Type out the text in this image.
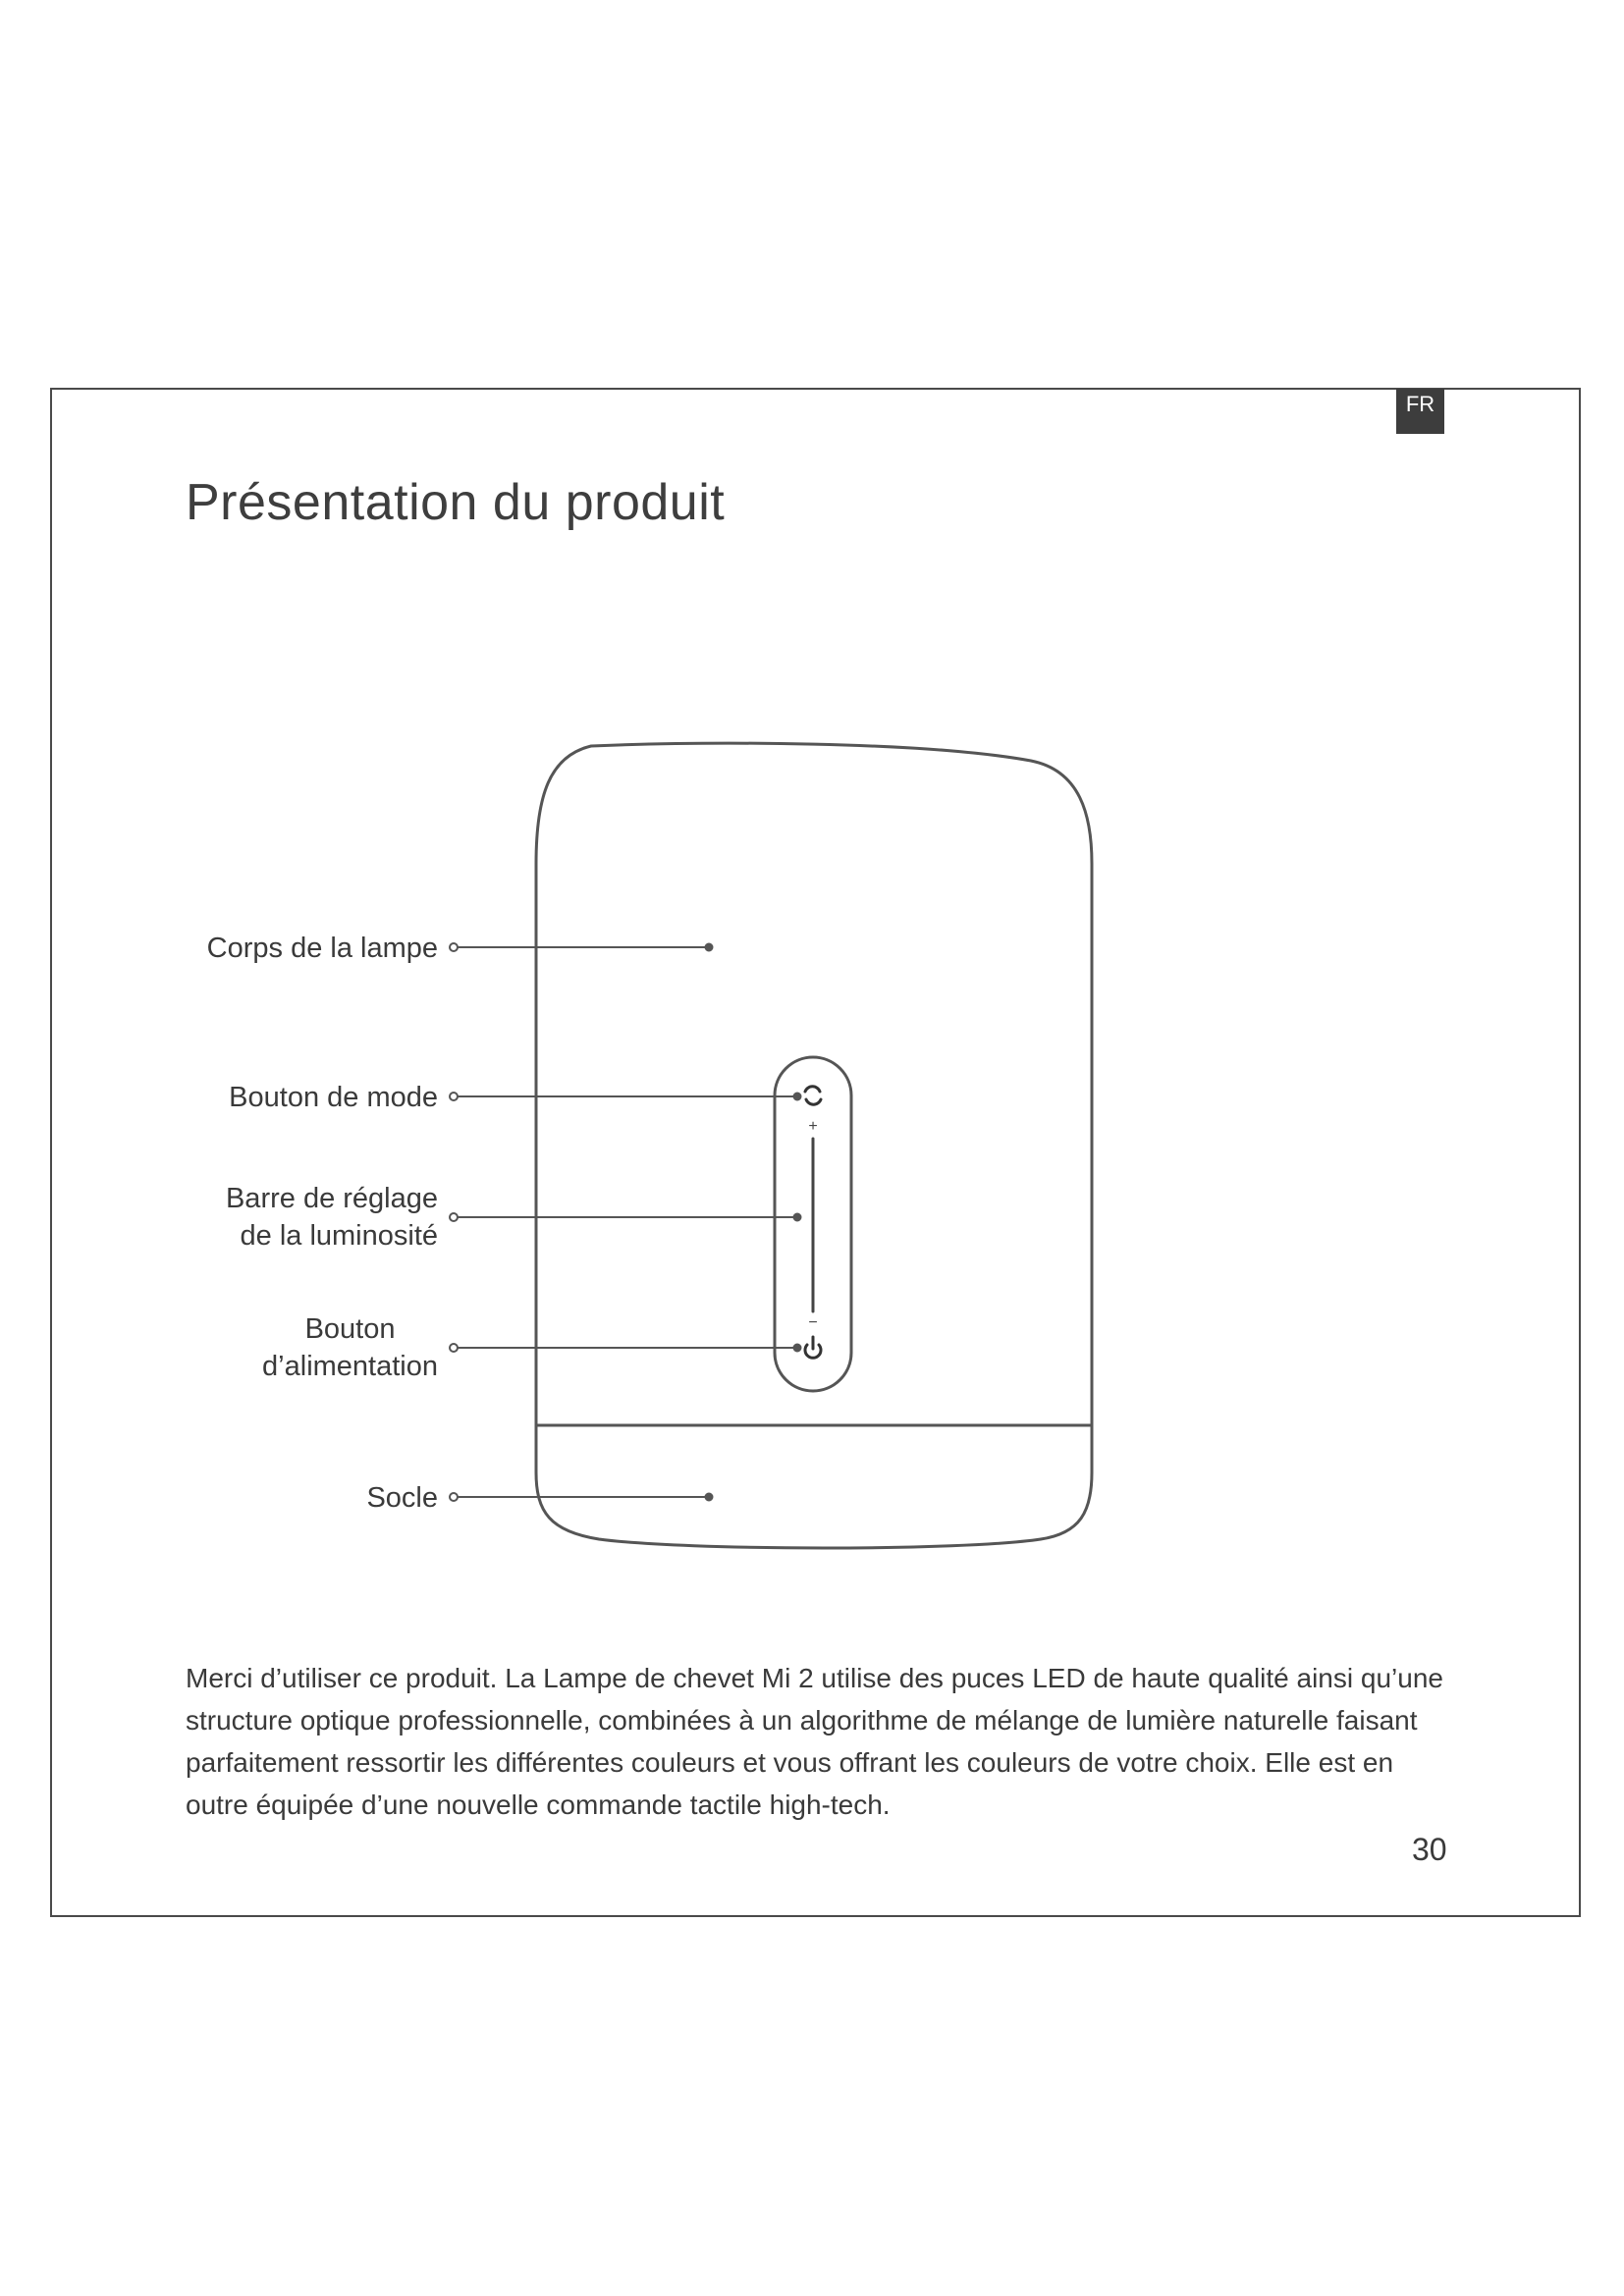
FR
Présentation du produit
+
−
Corps de la lampe
Bouton de mode
Barre de réglage
de la luminosité
Bouton
d’alimentation
Socle

Merci d’utiliser ce produit. La Lampe de chevet Mi 2 utilise des puces LED de haute qualité ainsi qu’une structure optique professionnelle, combinées à un algorithme de mélange de lumière naturelle faisant parfaitement ressortir les différentes couleurs et vous offrant les couleurs de votre choix. Elle est en outre équipée d’une nouvelle commande tactile high-tech.

30
